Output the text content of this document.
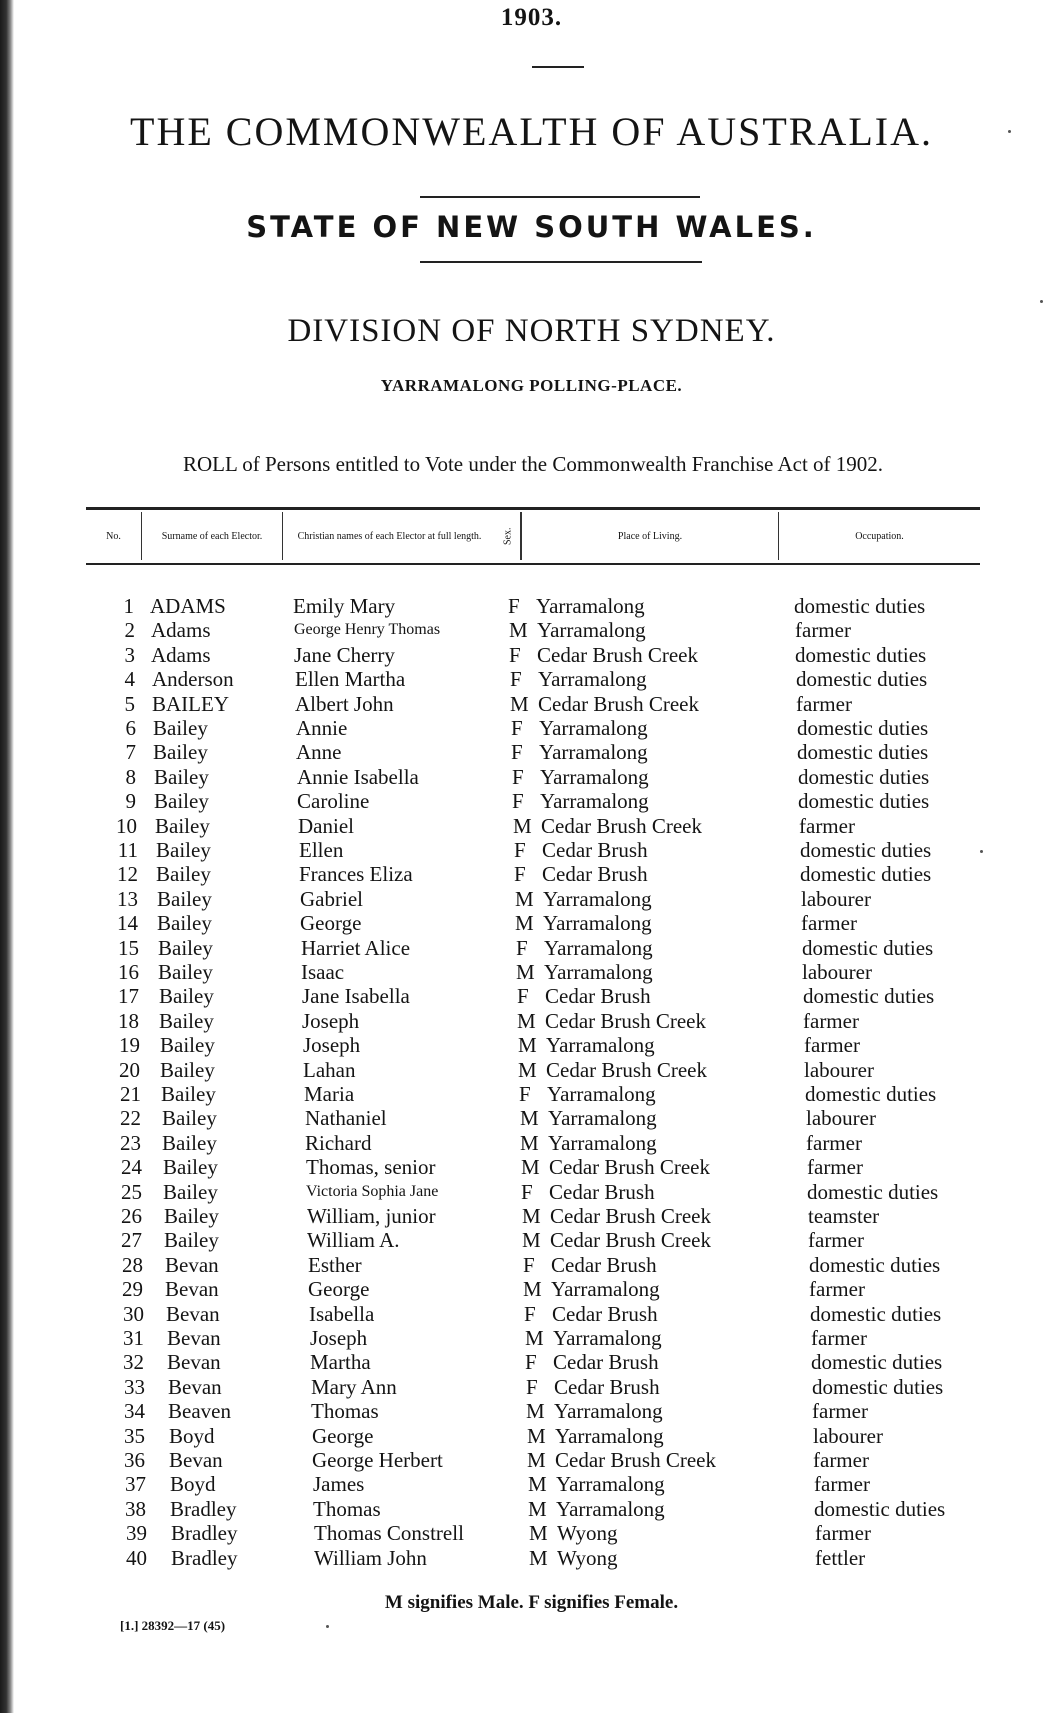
1903.
THE COMMONWEALTH OF AUSTRALIA.
STATE OF NEW SOUTH WALES.
DIVISION OF NORTH SYDNEY.
YARRAMALONG POLLING-PLACE.
ROLL of Persons entitled to Vote under the Commonwealth Franchise Act of 1902.
No.	Surname of each Elector.	Christian names of each Elector at full length.	Sex.	Place of Living.	Occupation.
1 ADAMS	Emily Mary	F Yarramalong	domestic duties
2 Adams	George Henry Thomas	M Yarramalong	farmer
3 Adams	Jane Cherry	F Cedar Brush Creek	domestic duties
4 Anderson	Ellen Martha	F Yarramalong	domestic duties
5 BAILEY	Albert John	M Cedar Brush Creek	farmer
6 Bailey	Annie	F Yarramalong	domestic duties
7 Bailey	Anne	F Yarramalong	domestic duties
8 Bailey	Annie Isabella	F Yarramalong	domestic duties
9 Bailey	Caroline	F Yarramalong	domestic duties
10 Bailey	Daniel	M Cedar Brush Creek	farmer
11 Bailey	Ellen	F Cedar Brush	domestic duties
12 Bailey	Frances Eliza	F Cedar Brush	domestic duties
13 Bailey	Gabriel	M Yarramalong	labourer
14 Bailey	George	M Yarramalong	farmer
15 Bailey	Harriet Alice	F Yarramalong	domestic duties
16 Bailey	Isaac	M Yarramalong	labourer
17 Bailey	Jane Isabella	F Cedar Brush	domestic duties
18 Bailey	Joseph	M Cedar Brush Creek	farmer
19 Bailey	Joseph	M Yarramalong	farmer
20 Bailey	Lahan	M Cedar Brush Creek	labourer
21 Bailey	Maria	F Yarramalong	domestic duties
22 Bailey	Nathaniel	M Yarramalong	labourer
23 Bailey	Richard	M Yarramalong	farmer
24 Bailey	Thomas, senior	M Cedar Brush Creek	farmer
25 Bailey	Victoria Sophia Jane	F Cedar Brush	domestic duties
26 Bailey	William, junior	M Cedar Brush Creek	teamster
27 Bailey	William A.	M Cedar Brush Creek	farmer
28 Bevan	Esther	F Cedar Brush	domestic duties
29 Bevan	George	M Yarramalong	farmer
30 Bevan	Isabella	F Cedar Brush	domestic duties
31 Bevan	Joseph	M Yarramalong	farmer
32 Bevan	Martha	F Cedar Brush	domestic duties
33 Bevan	Mary Ann	F Cedar Brush	domestic duties
34 Beaven	Thomas	M Yarramalong	farmer
35 Boyd	George	M Yarramalong	labourer
36 Bevan	George Herbert	M Cedar Brush Creek	farmer
37 Boyd	James	M Yarramalong	farmer
38 Bradley	Thomas	M Yarramalong	domestic duties
39 Bradley	Thomas Constrell	M Wyong	farmer
40 Bradley	William John	M Wyong	fettler
M signifies Male. F signifies Female.
[1.] 28392—17 (45)
